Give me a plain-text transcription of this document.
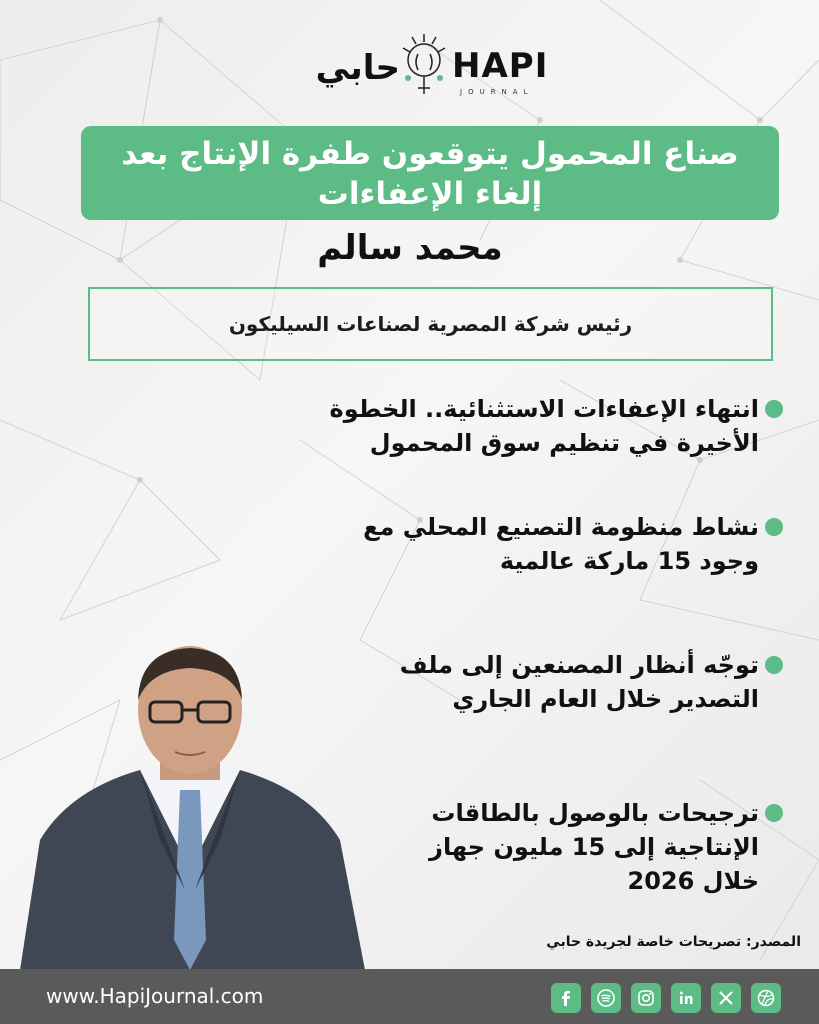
حابي HAPI
JOURNAL
صناع المحمول يتوقعون طفرة الإنتاج بعد إلغاء الإعفاءات
محمد سالم
رئيس شركة المصرية لصناعات السيليكون
انتهاء الإعفاءات الاستثنائية.. الخطوة الأخيرة في تنظيم سوق المحمول
نشاط منظومة التصنيع المحلي مع وجود 15 ماركة عالمية
توجّه أنظار المصنعين إلى ملف التصدير خلال العام الجاري
ترجيحات بالوصول بالطاقات الإنتاجية إلى 15 مليون جهاز خلال 2026
المصدر: تصريحات خاصة لجريدة حابي
www.HapiJournal.com
